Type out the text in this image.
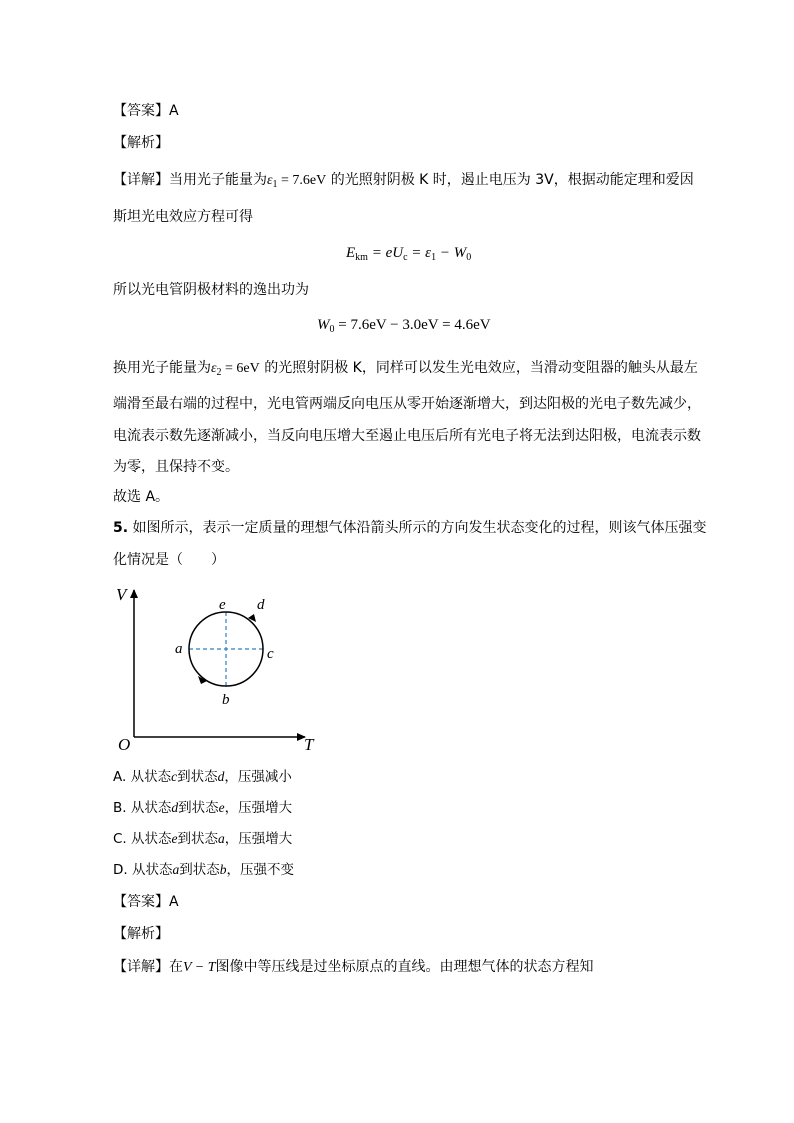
【答案】A
【解析】
【详解】当用光子能量为$\varepsilon_1 = 7.6eV$ 的光照射阴极 K 时，遏止电压为 3V，根据动能定理和爱因
斯坦光电效应方程可得
$E_{km} = eU_c = \varepsilon_1 - W_0$
所以光电管阴极材料的逸出功为
$W_0 = 7.6eV - 3.0eV = 4.6eV$
换用光子能量为$\varepsilon_2 = 6eV$ 的光照射阴极 K，同样可以发生光电效应，当滑动变阻器的触头从最左
端滑至最右端的过程中，光电管两端反向电压从零开始逐渐增大，到达阳极的光电子数先减少，
电流表示数先逐渐减小，当反向电压增大至遏止电压后所有光电子将无法到达阳极，电流表示数
为零，且保持不变。
故选 A。
5. 如图所示，表示一定质量的理想气体沿箭头所示的方向发生状态变化的过程，则该气体压强变
化情况是（　　）
V
T
O
e d
a	c
b
A. 从状态c到状态d，压强减小
B. 从状态d到状态e，压强增大
C. 从状态e到状态a，压强增大
D. 从状态a到状态b，压强不变
【答案】A
【解析】
【详解】在V − T图像中等压线是过坐标原点的直线。由理想气体的状态方程知
